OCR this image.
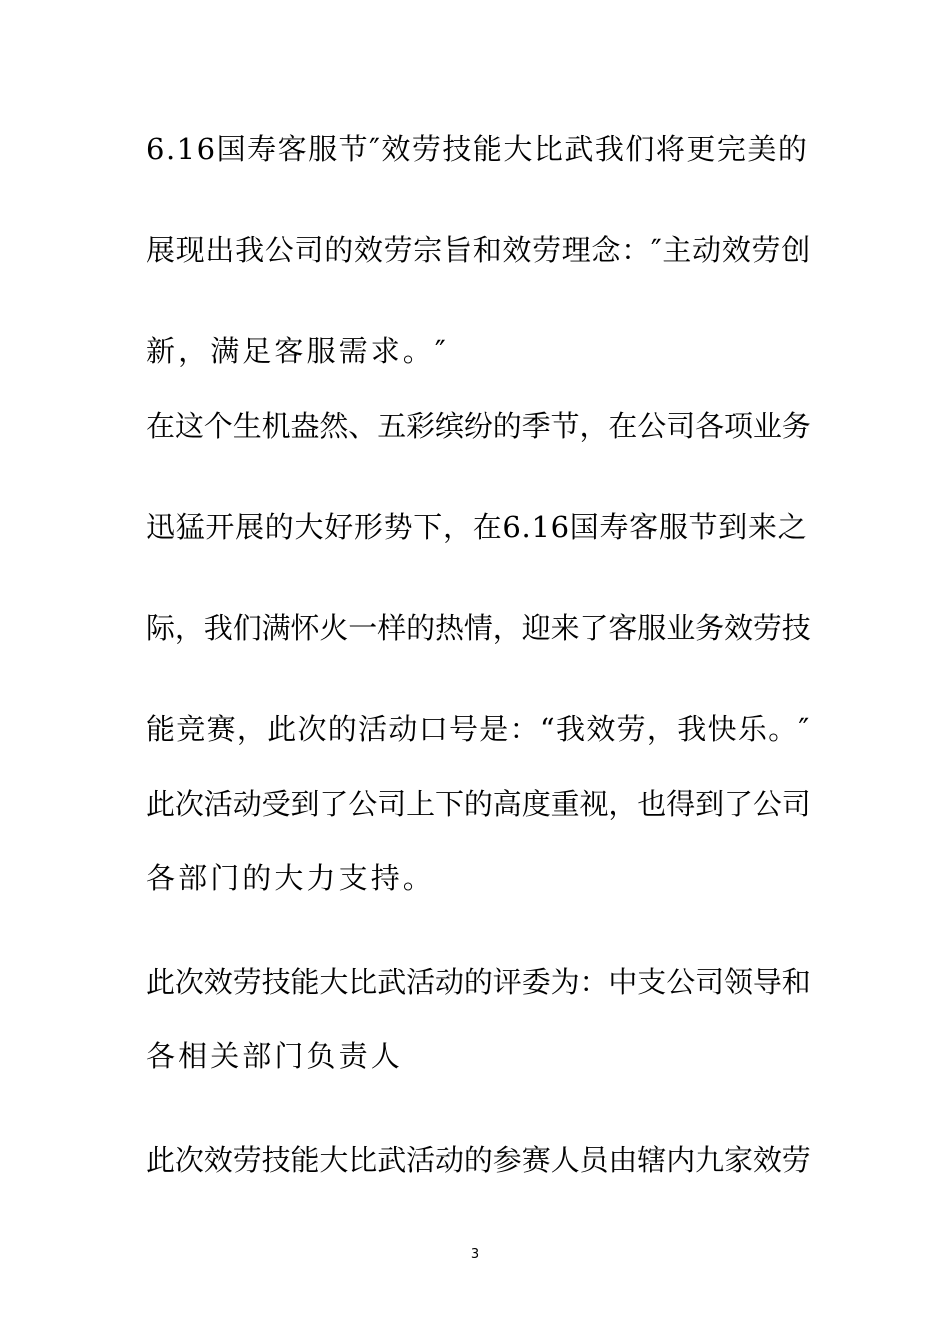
6.16国寿客服节″效劳技能大比武我们将更完美的
展现出我公司的效劳宗旨和效劳理念：″主动效劳创
新，满足客服需求。″
在这个生机盎然、五彩缤纷的季节，在公司各项业务
迅猛开展的大好形势下，在6.16国寿客服节到来之
际，我们满怀火一样的热情，迎来了客服业务效劳技
能竞赛，此次的活动口号是：“我效劳，我快乐。″
此次活动受到了公司上下的高度重视，也得到了公司
各部门的大力支持。
此次效劳技能大比武活动的评委为：中支公司领导和
各相关部门负责人
此次效劳技能大比武活动的参赛人员由辖内九家效劳
3
